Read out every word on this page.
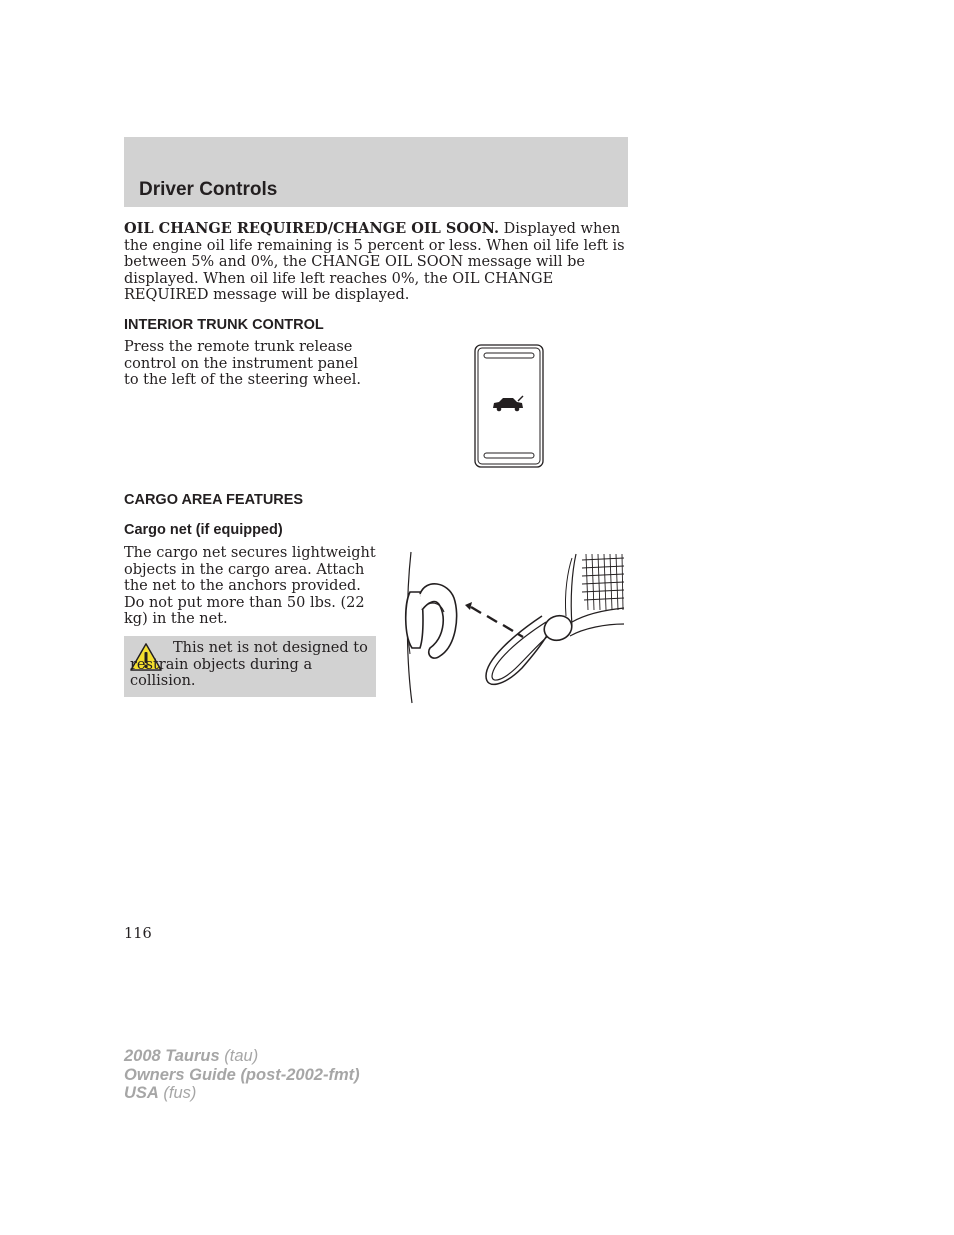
Driver Controls

OIL CHANGE REQUIRED/CHANGE OIL SOON. Displayed when the engine oil life remaining is 5 percent or less. When oil life left is between 5% and 0%, the CHANGE OIL SOON message will be displayed. When oil life left reaches 0%, the OIL CHANGE REQUIRED message will be displayed.

INTERIOR TRUNK CONTROL

Press the remote trunk release control on the instrument panel to the left of the steering wheel.

CARGO AREA FEATURES
Cargo net (if equipped)

The cargo net secures lightweight objects in the cargo area. Attach the net to the anchors provided. Do not put more than 50 lbs. (22 kg) in the net.

This net is not designed to restrain objects during a collision.

116
2008 Taurus (tau)
Owners Guide (post-2002-fmt)
USA (fus)
